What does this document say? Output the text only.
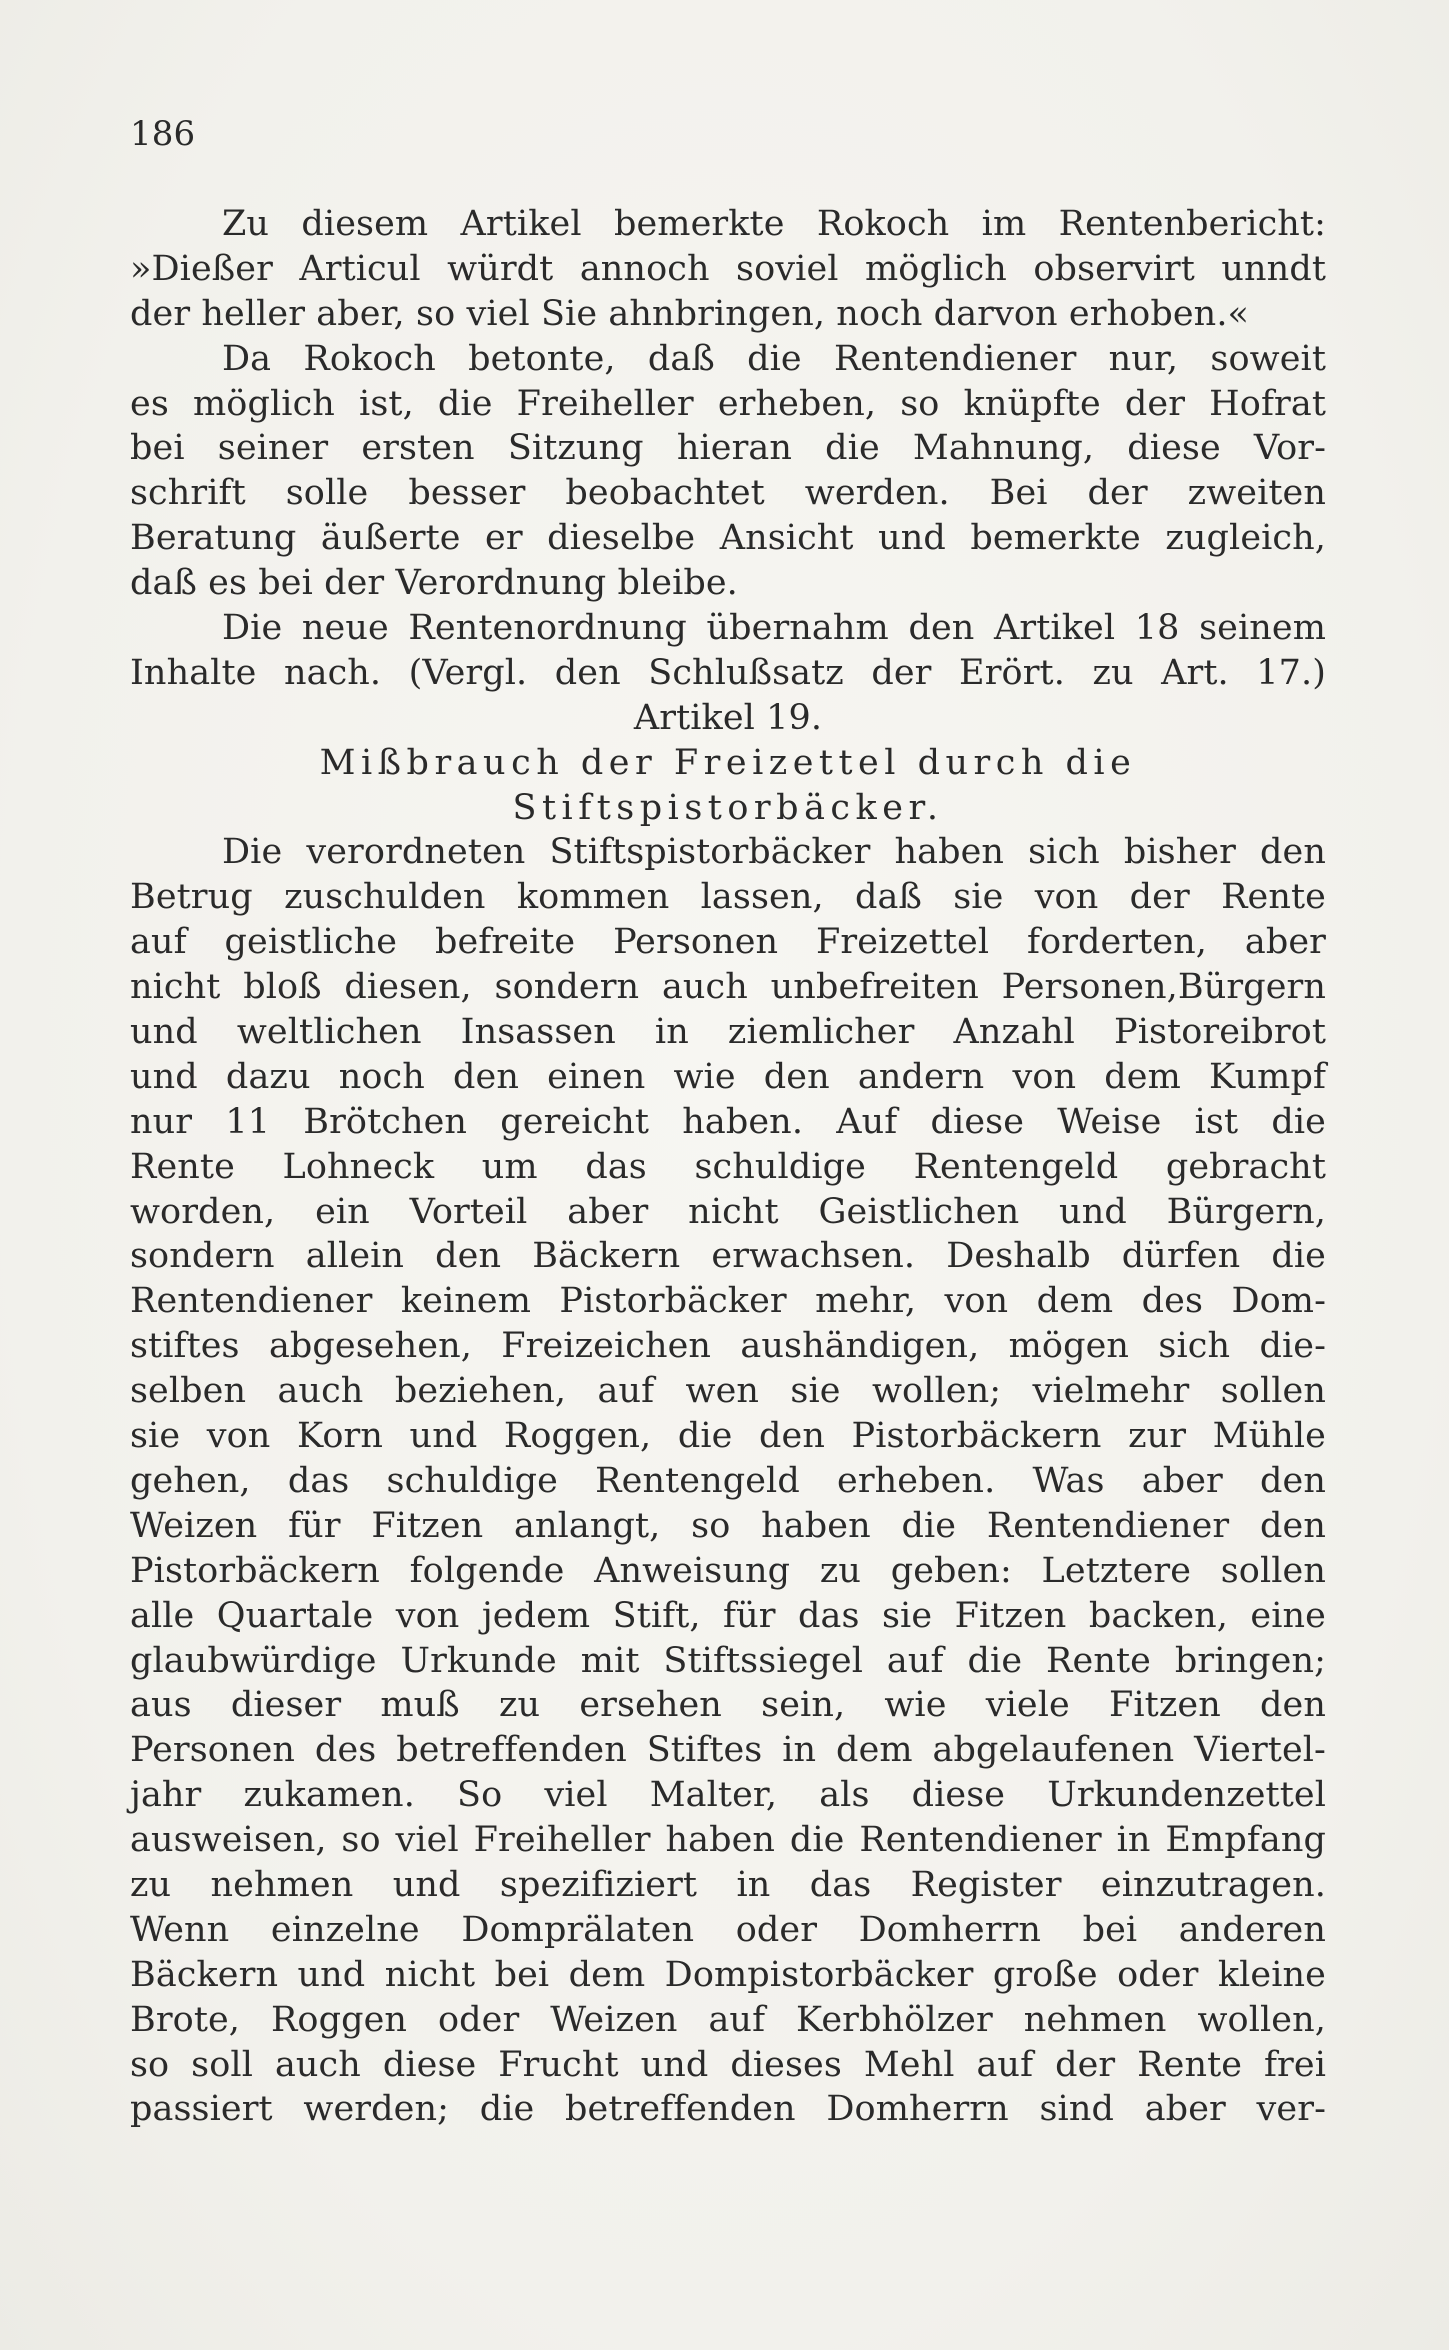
186
Zu diesem Artikel bemerkte Rokoch im Rentenbericht:
»Dießer Articul würdt annoch soviel möglich observirt unndt
der heller aber, so viel Sie ahnbringen, noch darvon erhoben.«
Da Rokoch betonte, daß die Rentendiener nur, soweit
es möglich ist, die Freiheller erheben, so knüpfte der Hofrat
bei seiner ersten Sitzung hieran die Mahnung, diese Vor-
schrift solle besser beobachtet werden. Bei der zweiten
Beratung äußerte er dieselbe Ansicht und bemerkte zugleich,
daß es bei der Verordnung bleibe.
Die neue Rentenordnung übernahm den Artikel 18 seinem
Inhalte nach. (Vergl. den Schlußsatz der Erört. zu Art. 17.)
Artikel 19.
Mißbrauch der Freizettel durch die
Stiftspistorbäcker.
Die verordneten Stiftspistorbäcker haben sich bisher den
Betrug zuschulden kommen lassen, daß sie von der Rente
auf geistliche befreite Personen Freizettel forderten, aber
nicht bloß diesen, sondern auch unbefreiten Personen,Bürgern
und weltlichen Insassen in ziemlicher Anzahl Pistoreibrot
und dazu noch den einen wie den andern von dem Kumpf
nur 11 Brötchen gereicht haben. Auf diese Weise ist die
Rente Lohneck um das schuldige Rentengeld gebracht
worden, ein Vorteil aber nicht Geistlichen und Bürgern,
sondern allein den Bäckern erwachsen. Deshalb dürfen die
Rentendiener keinem Pistorbäcker mehr, von dem des Dom-
stiftes abgesehen, Freizeichen aushändigen, mögen sich die-
selben auch beziehen, auf wen sie wollen; vielmehr sollen
sie von Korn und Roggen, die den Pistorbäckern zur Mühle
gehen, das schuldige Rentengeld erheben. Was aber den
Weizen für Fitzen anlangt, so haben die Rentendiener den
Pistorbäckern folgende Anweisung zu geben: Letztere sollen
alle Quartale von jedem Stift, für das sie Fitzen backen, eine
glaubwürdige Urkunde mit Stiftssiegel auf die Rente bringen;
aus dieser muß zu ersehen sein, wie viele Fitzen den
Personen des betreffenden Stiftes in dem abgelaufenen Viertel-
jahr zukamen. So viel Malter, als diese Urkundenzettel
ausweisen, so viel Freiheller haben die Rentendiener in Empfang
zu nehmen und spezifiziert in das Register einzutragen.
Wenn einzelne Domprälaten oder Domherrn bei anderen
Bäckern und nicht bei dem Dompistorbäcker große oder kleine
Brote, Roggen oder Weizen auf Kerbhölzer nehmen wollen,
so soll auch diese Frucht und dieses Mehl auf der Rente frei
passiert werden; die betreffenden Domherrn sind aber ver-
